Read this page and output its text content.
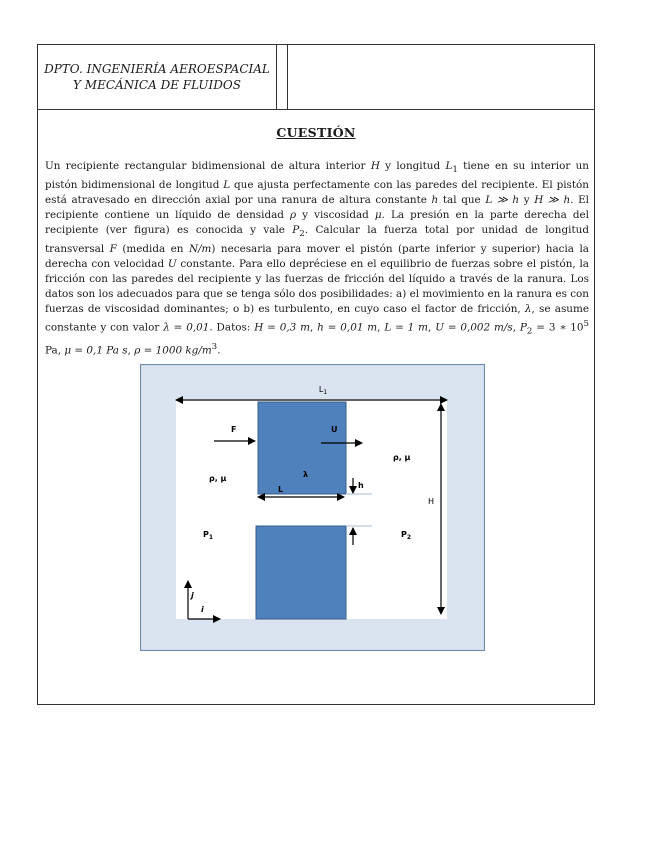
DPTO. INGENIERÍA AEROESPACIAL
Y MECÁNICA DE FLUIDOS
CUESTIÓN

Un recipiente rectangular bidimensional de altura interior H y longitud $L_1$ tiene en su interior un pistón bidimensional de longitud L que ajusta perfectamente con las paredes del recipiente. El pistón está atravesado en dirección axial por una ranura de altura constante h tal que L ≫ h y H ≫ h. El recipiente contiene un líquido de densidad ρ y viscosidad μ. La presión en la parte derecha del recipiente (ver figura) es conocida y vale $P_2$. Calcular la fuerza total por unidad de longitud transversal F (medida en N/m) necesaria para mover el pistón (parte inferior y superior) hacia la derecha con velocidad U constante. Para ello depréciese en el equilibrio de fuerzas sobre el pistón, la fricción con las paredes del recipiente y las fuerzas de fricción del líquido a través de la ranura. Los datos son los adecuados para que se tenga sólo dos posibilidades: a) el movimiento en la ranura es con fuerzas de viscosidad dominantes; o b) es turbulento, en cuyo caso el factor de fricción, λ, se asume constante y con valor λ = 0,01. Datos: H = 0,3 m, h = 0,01 m, L = 1 m, U = 0,002 m/s, $P_2 = 3$ ∗ $10^5$ Pa, μ = 0,1 Pa s, ρ = 1000 $kg/m^3$.

$L_1$
H
F	U
ρ, μ
ρ, μ
λ
L	h
$P_1$	$P_2$
j
i
